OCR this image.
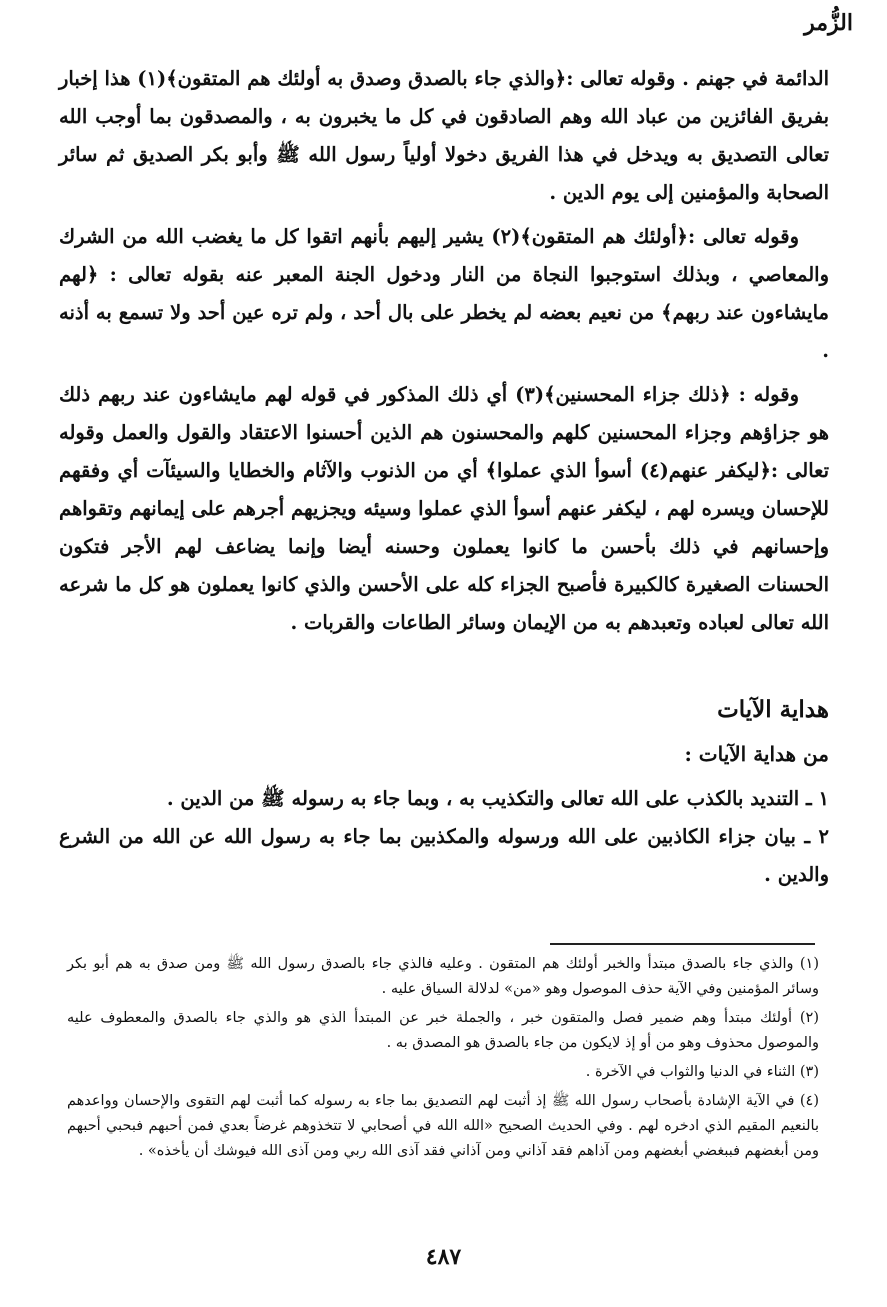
الزُّمر

الدائمة في جهنم . وقوله تعالى :﴿والذي جاء بالصدق وصدق به أولئك هم المتقون﴾(١) هذا إخبار بفريق الفائزين من عباد الله وهم الصادقون في كل ما يخبرون به ، والمصدقون بما أوجب الله تعالى التصديق به ويدخل في هذا الفريق دخولا أولياً رسول الله ﷺ وأبو بكر الصديق ثم سائر الصحابة والمؤمنين إلى يوم الدين .

وقوله تعالى :﴿أولئك هم المتقون﴾(٢) يشير إليهم بأنهم اتقوا كل ما يغضب الله من الشرك والمعاصي ، وبذلك استوجبوا النجاة من النار ودخول الجنة المعبر عنه بقوله تعالى : ﴿لهم مايشاءون عند ربهم﴾ من نعيم بعضه لم يخطر على بال أحد ، ولم تره عين أحد ولا تسمع به أذنه .

وقوله : ﴿ذلك جزاء المحسنين﴾(٣) أي ذلك المذكور في قوله لهم مايشاءون عند ربهم ذلك هو جزاؤهم وجزاء المحسنين كلهم والمحسنون هم الذين أحسنوا الاعتقاد والقول والعمل وقوله تعالى :﴿ليكفر عنهم(٤) أسوأ الذي عملوا﴾ أي من الذنوب والآثام والخطايا والسيئآت أي وفقهم للإحسان ويسره لهم ، ليكفر عنهم أسوأ الذي عملوا وسيئه ويجزيهم أجرهم على إيمانهم وتقواهم وإحسانهم في ذلك بأحسن ما كانوا يعملون وحسنه أيضا وإنما يضاعف لهم الأجر فتكون الحسنات الصغيرة كالكبيرة فأصبح الجزاء كله على الأحسن والذي كانوا يعملون هو كل ما شرعه الله تعالى لعباده وتعبدهم به من الإيمان وسائر الطاعات والقربات .

هداية الآيات
من هداية الآيات :

١ ـ التنديد بالكذب على الله تعالى والتكذيب به ، وبما جاء به رسوله ﷺ من الدين .

٢ ـ بيان جزاء الكاذبين على الله ورسوله والمكذبين بما جاء به رسول الله عن الله من الشرع والدين .

(١) والذي جاء بالصدق مبتدأ والخبر أولئك هم المتقون . وعليه فالذي جاء بالصدق رسول الله ﷺ ومن صدق به هم أبو بكر وسائر المؤمنين وفي الآية حذف الموصول وهو «من» لدلالة السياق عليه .

(٢) أولئك مبتدأ وهم ضمير فصل والمتقون خبر ، والجملة خبر عن المبتدأ الذي هو والذي جاء بالصدق والمعطوف عليه والموصول محذوف وهو من أو إذ لايكون من جاء بالصدق هو المصدق به .

(٣) الثناء في الدنيا والثواب في الآخرة .

(٤) في الآية الإشادة بأصحاب رسول الله ﷺ إذ أثبت لهم التصديق بما جاء به رسوله كما أثبت لهم التقوى والإحسان وواعدهم بالنعيم المقيم الذي ادخره لهم . وفي الحديث الصحيح «الله الله في أصحابي لا تتخذوهم غرضاً بعدي فمن أحبهم فبحبي أحبهم ومن أبغضهم فببغضي أبغضهم ومن آذاهم فقد آذاني ومن آذاني فقد آذى الله ربي ومن آذى الله فيوشك أن يأخذه» .

٤٨٧
